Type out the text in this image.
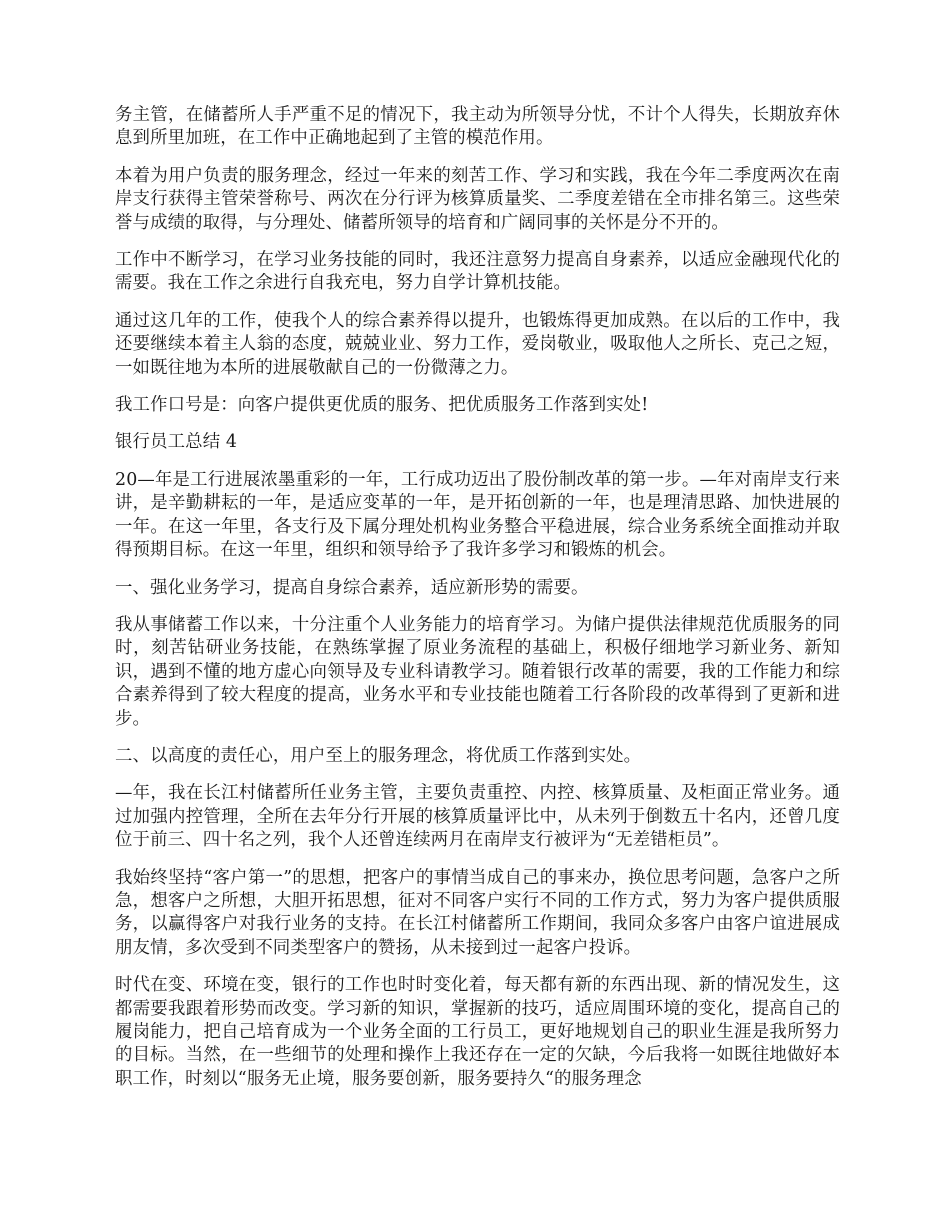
务主管，在储蓄所人手严重不足的情况下，我主动为所领导分忧，不计个人得失，长期放弃休息到所里加班，在工作中正确地起到了主管的模范作用。

本着为用户负责的服务理念，经过一年来的刻苦工作、学习和实践，我在今年二季度两次在南岸支行获得主管荣誉称号、两次在分行评为核算质量奖、二季度差错在全市排名第三。这些荣誉与成绩的取得，与分理处、储蓄所领导的培育和广阔同事的关怀是分不开的。

工作中不断学习，在学习业务技能的同时，我还注意努力提高自身素养，以适应金融现代化的需要。我在工作之余进行自我充电，努力自学计算机技能。

通过这几年的工作，使我个人的综合素养得以提升，也锻炼得更加成熟。在以后的工作中，我还要继续本着主人翁的态度，兢兢业业、努力工作，爱岗敬业，吸取他人之所长、克己之短，一如既往地为本所的进展敬献自己的一份微薄之力。

我工作口号是：向客户提供更优质的服务、把优质服务工作落到实处!

银行员工总结 4

20—年是工行进展浓墨重彩的一年，工行成功迈出了股份制改革的第一步。—年对南岸支行来讲，是辛勤耕耘的一年，是适应变革的一年，是开拓创新的一年，也是理清思路、加快进展的一年。在这一年里，各支行及下属分理处机构业务整合平稳进展，综合业务系统全面推动并取得预期目标。在这一年里，组织和领导给予了我许多学习和锻炼的机会。

一、强化业务学习，提高自身综合素养，适应新形势的需要。

我从事储蓄工作以来，十分注重个人业务能力的培育学习。为储户提供法律规范优质服务的同时，刻苦钻研业务技能，在熟练掌握了原业务流程的基础上，积极仔细地学习新业务、新知识，遇到不懂的地方虚心向领导及专业科请教学习。随着银行改革的需要，我的工作能力和综合素养得到了较大程度的提高，业务水平和专业技能也随着工行各阶段的改革得到了更新和进步。

二、以高度的责任心，用户至上的服务理念，将优质工作落到实处。

—年，我在长江村储蓄所任业务主管，主要负责重控、内控、核算质量、及柜面正常业务。通过加强内控管理，全所在去年分行开展的核算质量评比中，从未列于倒数五十名内，还曾几度位于前三、四十名之列，我个人还曾连续两月在南岸支行被评为“无差错柜员”。

我始终坚持“客户第一”的思想，把客户的事情当成自己的事来办，换位思考问题，急客户之所急，想客户之所想，大胆开拓思想，征对不同客户实行不同的工作方式，努力为客户提供质服务，以赢得客户对我行业务的支持。在长江村储蓄所工作期间，我同众多客户由客户谊进展成朋友情，多次受到不同类型客户的赞扬，从未接到过一起客户投诉。

时代在变、环境在变，银行的工作也时时变化着，每天都有新的东西出现、新的情况发生，这都需要我跟着形势而改变。学习新的知识，掌握新的技巧，适应周围环境的变化，提高自己的履岗能力，把自己培育成为一个业务全面的工行员工，更好地规划自己的职业生涯是我所努力的目标。当然，在一些细节的处理和操作上我还存在一定的欠缺，今后我将一如既往地做好本职工作，时刻以“服务无止境，服务要创新，服务要持久“的服务理念
